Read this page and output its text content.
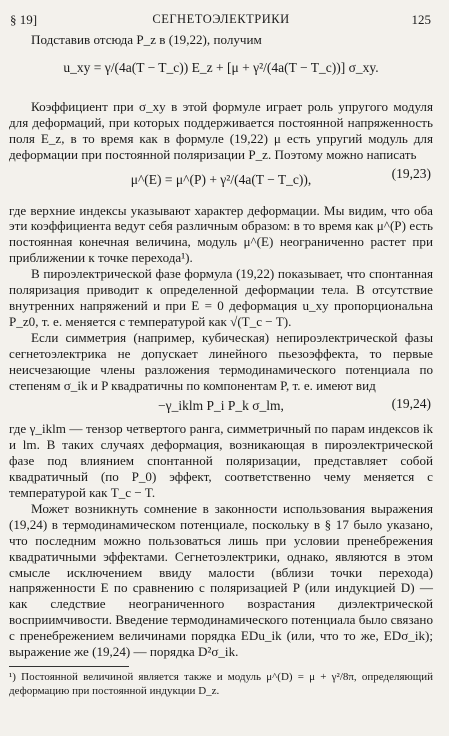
§ 19]	СЕГНЕТОЭЛЕКТРИКИ	125

Подставив отсюда P_z в (19,22), получим

u_xy = γ/(4a(T − T_c)) E_z + [μ + γ²/(4a(T − T_c))] σ_xy.

Коэффициент при σ_xy в этой формуле играет роль упругого модуля для деформаций, при которых поддерживается постоянной напряженность поля E_z, в то время как в формуле (19,22) μ есть упругий модуль для деформации при постоянной поляризации P_z. Поэтому можно написать

μ^(E) = μ^(P) + γ²/(4a(T − T_c)),	(19,23)

где верхние индексы указывают характер деформации. Мы видим, что оба эти коэффициента ведут себя различным образом: в то время как μ^(P) есть постоянная конечная величина, модуль μ^(E) неограниченно растет при приближении к точке перехода¹).

В пироэлектрической фазе формула (19,22) показывает, что спонтанная поляризация приводит к определенной деформации тела. В отсутствие внутренних напряжений и при E = 0 деформация u_xy пропорциональна P_z0, т. е. меняется с температурой как √(T_c − T).

Если симметрия (например, кубическая) непироэлектрической фазы сегнетоэлектрика не допускает линейного пьезоэффекта, то первые неисчезающие члены разложения термодинамического потенциала по степеням σ_ik и P квадратичны по компонентам P, т. е. имеют вид

−γ_iklm P_i P_k σ_lm,	(19,24)

где γ_iklm — тензор четвертого ранга, симметричный по парам индексов ik и lm. В таких случаях деформация, возникающая в пироэлектрической фазе под влиянием спонтанной поляризации, представляет собой квадратичный (по P_0) эффект, соответственно чему меняется с температурой как T_c − T.

Может возникнуть сомнение в законности использования выражения (19,24) в термодинамическом потенциале, поскольку в § 17 было указано, что последним можно пользоваться лишь при условии пренебрежения квадратичными эффектами. Сегнетоэлектрики, однако, являются в этом смысле исключением ввиду малости (вблизи точки перехода) напряженности E по сравнению с поляризацией P (или индукцией D) — как следствие неограниченного возрастания диэлектрической восприимчивости. Введение термодинамического потенциала было связано с пренебрежением величинами порядка EDu_ik (или, что то же, EDσ_ik); выражение же (19,24) — порядка D²σ_ik.

¹) Постоянной величиной является также и модуль μ^(D) = μ + γ²/8π, определяющий деформацию при постоянной индукции D_z.
